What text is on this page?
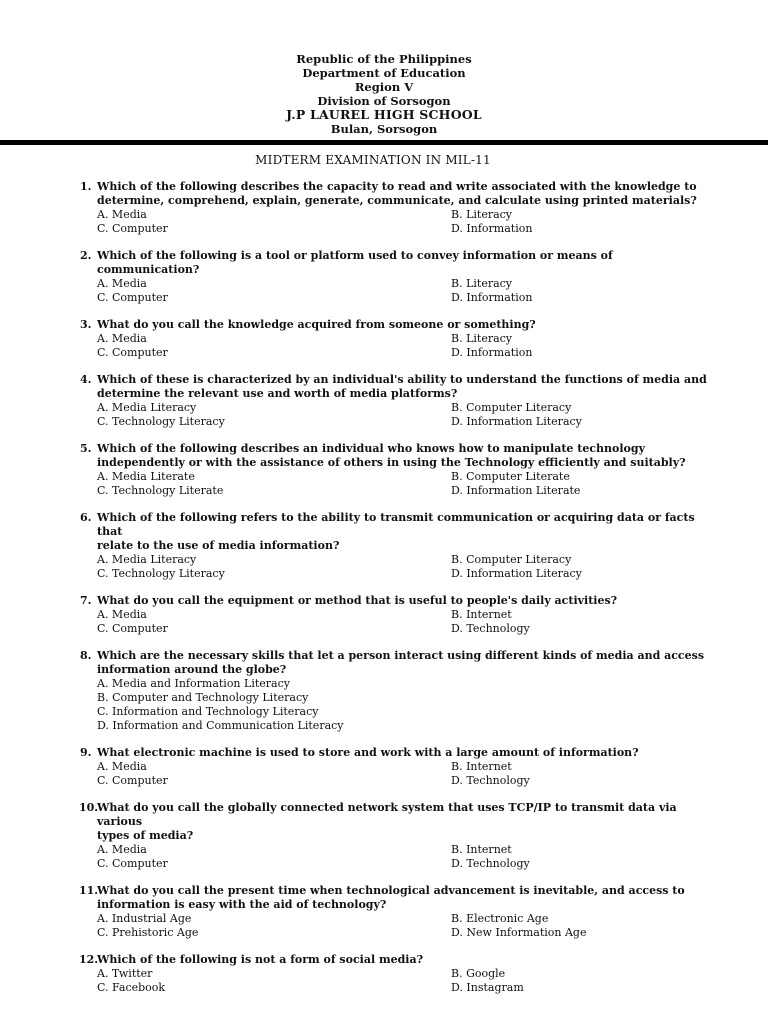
Republic of the Philippines
Department of Education
Region V
Division of Sorsogon
J.P LAUREL HIGH SCHOOL
Bulan, Sorsogon
MIDTERM EXAMINATION IN MIL-11
1. Which of the following describes the capacity to read and write associated with the knowledge to
determine, comprehend, explain, generate, communicate, and calculate using printed materials?
A. Media	B. Literacy
C. Computer	D. Information
2. Which of the following is a tool or platform used to convey information or means of communication?
A. Media	B. Literacy
C. Computer	D. Information
3. What do you call the knowledge acquired from someone or something?
A. Media	B. Literacy
C. Computer	D. Information
4. Which of these is characterized by an individual's ability to understand the functions of media and
determine the relevant use and worth of media platforms?
A. Media Literacy	B. Computer Literacy
C. Technology Literacy	D. Information Literacy
5. Which of the following describes an individual who knows how to manipulate technology
independently or with the assistance of others in using the Technology efficiently and suitably?
A. Media Literate	B. Computer Literate
C. Technology Literate	D. Information Literate
6. Which of the following refers to the ability to transmit communication or acquiring data or facts that
relate to the use of media information?
A. Media Literacy	B. Computer Literacy
C. Technology Literacy	D. Information Literacy
7. What do you call the equipment or method that is useful to people's daily activities?
A. Media	B. Internet
C. Computer	D. Technology
8. Which are the necessary skills that let a person interact using different kinds of media and access
information around the globe?
A. Media and Information Literacy
B. Computer and Technology Literacy
C. Information and Technology Literacy
D. Information and Communication Literacy
9. What electronic machine is used to store and work with a large amount of information?
A. Media	B. Internet
C. Computer	D. Technology
10.
What do you call the globally connected network system that uses TCP/IP to transmit data via various
types of media?
A. Media	B. Internet
C. Computer	D. Technology
11.
What do you call the present time when technological advancement is inevitable, and access to
information is easy with the aid of technology?
A. Industrial Age	B. Electronic Age
C. Prehistoric Age	D. New Information Age
12.
Which of the following is not a form of social media?
A. Twitter	B. Google
C. Facebook	D. Instagram
